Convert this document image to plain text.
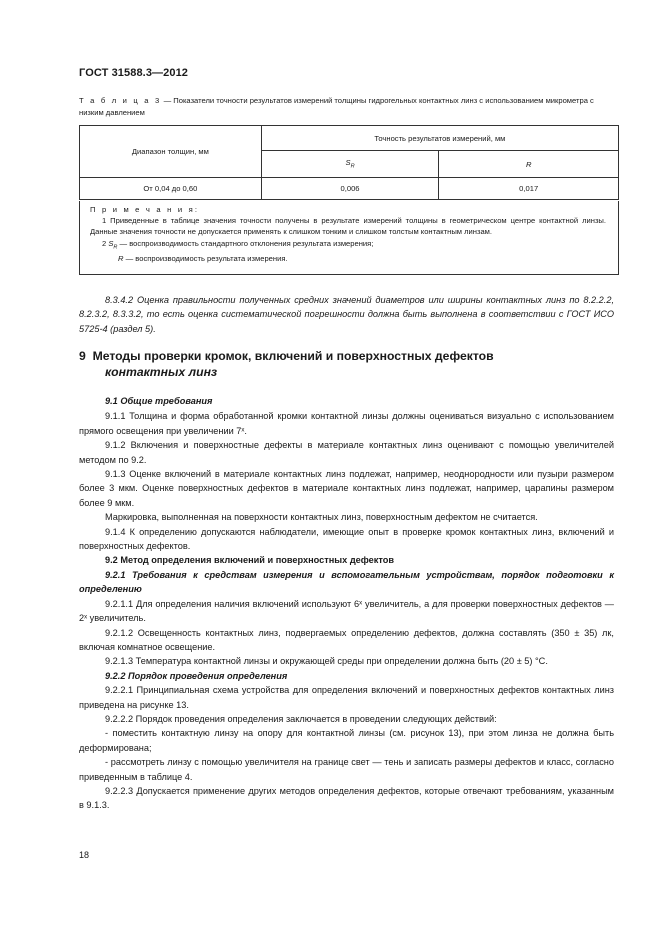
ГОСТ 31588.3—2012
Т а б л и ц а 3 — Показатели точности результатов измерений толщины гидрогельных контактных линз с использованием микрометра с низким давлением
Диапазон толщин, мм	Точность результатов измерений, мм	
	$S_R$	R
От 0,04 до 0,60	0,006	0,017

П р и м е ч а н и я:

1 Приведенные в таблице значения точности получены в результате измерений толщины в геометрическом центре контактной линзы. Данные значения точности не допускается применять к слишком тонким и слишком толстым контактным линзам.

2 $S_R$ — воспроизводимость стандартного отклонения результата измерения;

R — воспроизводимость результата измерения.

8.3.4.2 Оценка правильности полученных средних значений диаметров или ширины контактных линз по 8.2.2.2, 8.2.3.2, 8.3.3.2, то есть оценка систематической погрешности должна быть выполнена в соответствии с ГОСТ ИСО 5725-4 (раздел 5).

9 Методы проверки кромок, включений и поверхностных дефектов
контактных линз

9.1 Общие требования

9.1.1 Толщина и форма обработанной кромки контактной линзы должны оцениваться визуально с использованием прямого освещения при увеличении 7ˣ.

9.1.2 Включения и поверхностные дефекты в материале контактных линз оценивают с помощью увеличителей методом по 9.2.

9.1.3 Оценке включений в материале контактных линз подлежат, например, неоднородности или пузыри размером более 3 мкм. Оценке поверхностных дефектов в материале контактных линз подлежат, например, царапины размером более 9 мкм.

Маркировка, выполненная на поверхности контактных линз, поверхностным дефектом не считается.

9.1.4 К определению допускаются наблюдатели, имеющие опыт в проверке кромок контактных линз, включений и поверхностных дефектов.

9.2 Метод определения включений и поверхностных дефектов

9.2.1 Требования к средствам измерения и вспомогательным устройствам, порядок подготовки к определению

9.2.1.1 Для определения наличия включений используют 6ˣ увеличитель, а для проверки поверхностных дефектов — 2ˣ увеличитель.

9.2.1.2 Освещенность контактных линз, подвергаемых определению дефектов, должна составлять (350 ± 35) лк, включая комнатное освещение.

9.2.1.3 Температура контактной линзы и окружающей среды при определении должна быть (20 ± 5) °С.

9.2.2 Порядок проведения определения

9.2.2.1 Принципиальная схема устройства для определения включений и поверхностных дефектов контактных линз приведена на рисунке 13.

9.2.2.2 Порядок проведения определения заключается в проведении следующих действий:

- поместить контактную линзу на опору для контактной линзы (см. рисунок 13), при этом линза не должна быть деформирована;

- рассмотреть линзу с помощью увеличителя на границе свет — тень и записать размеры дефектов и класс, согласно приведенным в таблице 4.

9.2.2.3 Допускается применение других методов определения дефектов, которые отвечают требованиям, указанным в 9.1.3.

18
